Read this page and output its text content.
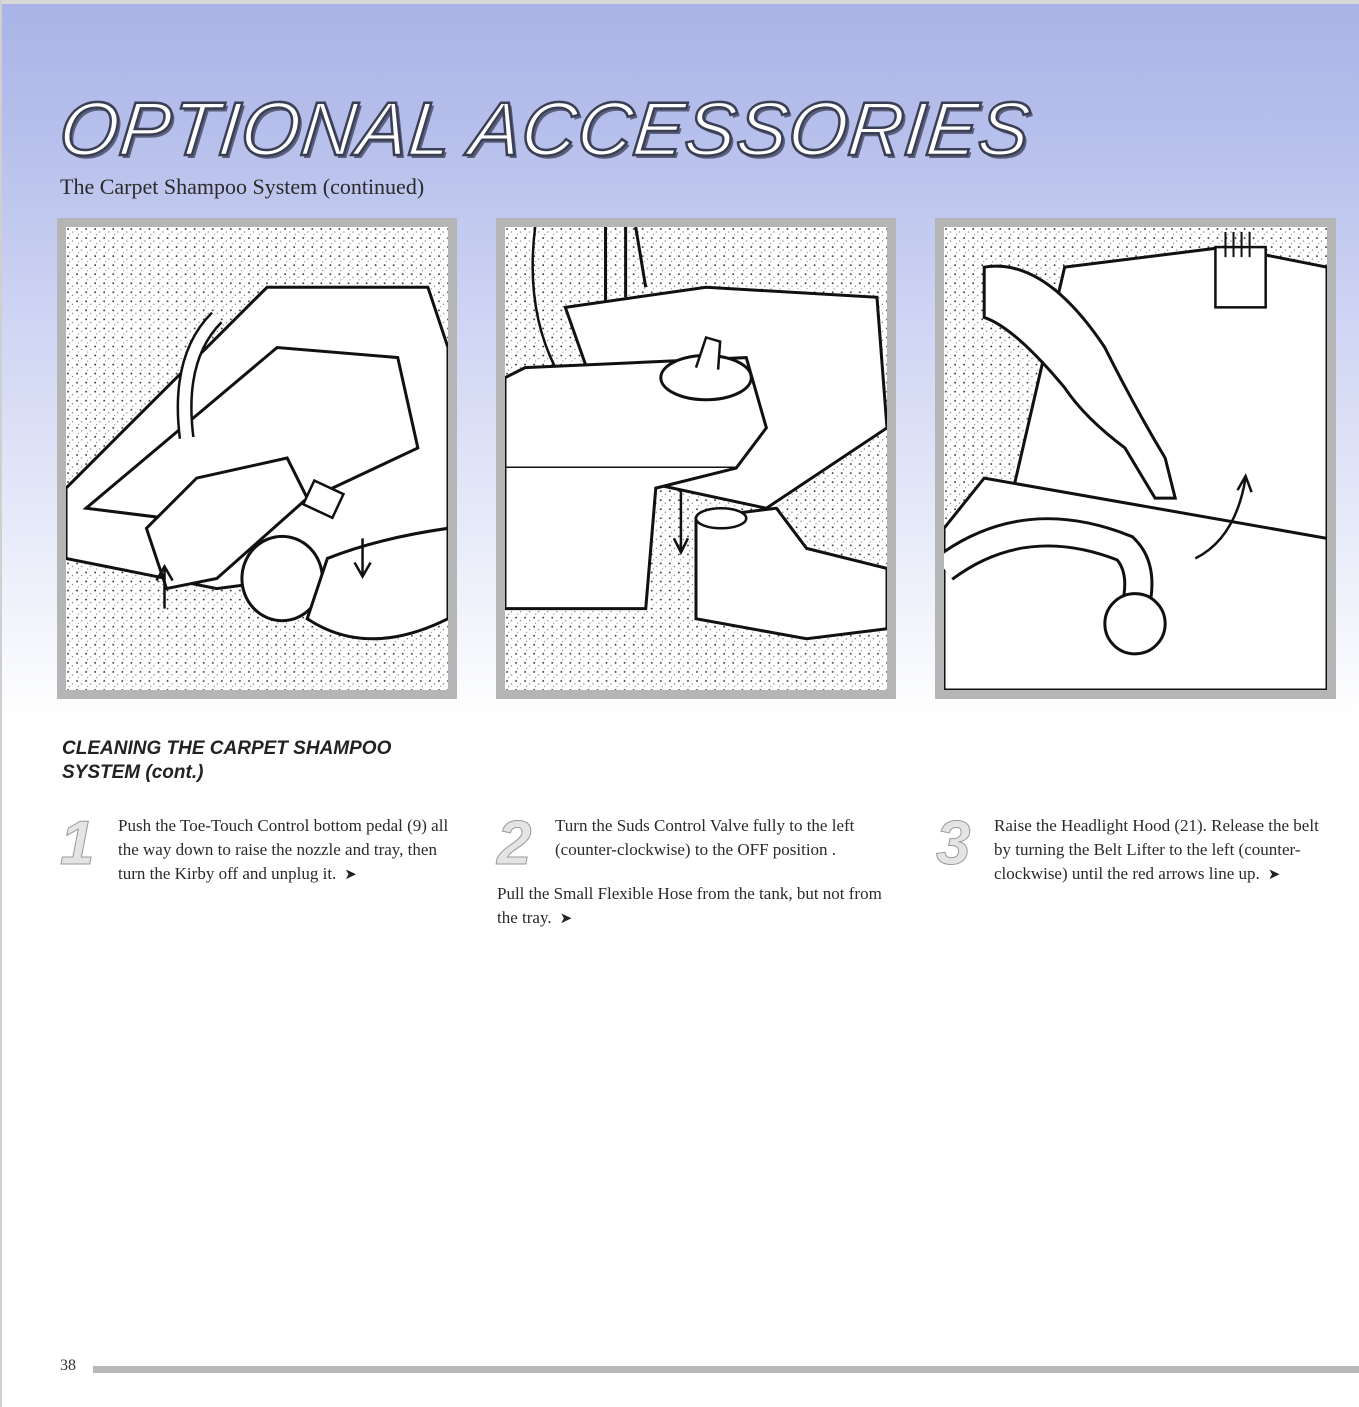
OPTIONAL ACCESSORIES
The Carpet Shampoo System (continued)
CLEANING THE CARPET SHAMPOO
SYSTEM (cont.)
1	Push the Toe-Touch Control bottom pedal (9) all the way down to raise the nozzle and tray, then turn the Kirby off and unplug it. ➤	2	Turn the Suds Control Valve fully to the left (counter-clockwise) to the OFF position .

Pull the Small Flexible Hose from the tank, but not from the tray. ➤

3	Raise the Headlight Hood (21). Release the belt by turning the Belt Lifter to the left (counter-clockwise) until the red arrows line up. ➤

38
